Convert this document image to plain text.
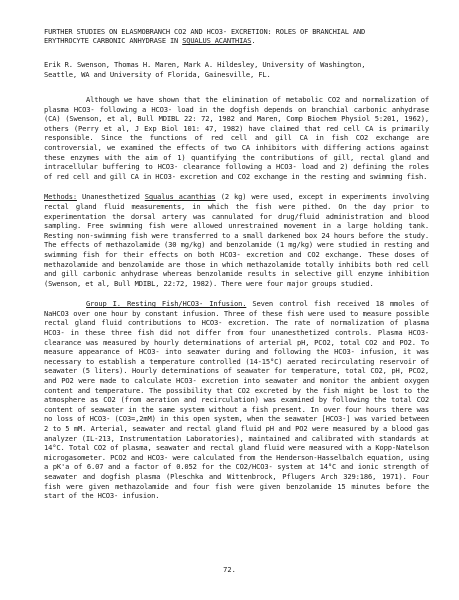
FURTHER STUDIES ON ELASMOBRANCH CO2 AND HCO3- EXCRETION: ROLES OF BRANCHIAL AND
ERYTHROCYTE CARBONIC ANHYDRASE IN SQUALUS ACANTHIAS.
Erik R. Swenson, Thomas H. Maren, Mark A. Hildesley, University of Washington,
Seattle, WA and University of Florida, Gainesville, FL.

Although we have shown that the elimination of metabolic CO2 and normalization of plasma HCO3- following a HCO3- load in the dogfish depends on branchial carbonic anhydrase (CA) (Swenson, et al, Bull MDIBL 22: 72, 1982 and Maren, Comp Biochem Physiol 5:201, 1962), others (Perry et al, J Exp Biol 101: 47, 1982) have claimed that red cell CA is primarily responsible. Since the functions of red cell and gill CA in fish CO2 exchange are controversial, we examined the effects of two CA inhibitors with differing actions against these enzymes with the aim of 1) quantifying the contributions of gill, rectal gland and intracellular buffering to HCO3- clearance following a HCO3- load and 2) defining the roles of red cell and gill CA in HCO3- excretion and CO2 exchange in the resting and swimming fish.

Methods: Unanesthetized Squalus acanthias (2 kg) were used, except in experiments involving rectal gland fluid measurements, in which the fish were pithed. On the day prior to experimentation the dorsal artery was cannulated for drug/fluid administration and blood sampling. Free swimming fish were allowed unrestrained movement in a large holding tank. Resting non-swimming fish were transferred to a small darkened box 24 hours before the study. The effects of methazolamide (30 mg/kg) and benzolamide (1 mg/kg) were studied in resting and swimming fish for their effects on both HCO3- excretion and CO2 exchange. These doses of methazolamide and benzolamide are those in which methazolamide totally inhibits both red cell and gill carbonic anhydrase whereas benzolamide results in selective gill enzyme inhibition (Swenson, et al, Bull MDIBL, 22:72, 1982). There were four major groups studied.

Group I. Resting Fish/HCO3- Infusion. Seven control fish received 18 mmoles of NaHCO3 over one hour by constant infusion. Three of these fish were used to measure possible rectal gland fluid contributions to HCO3- excretion. The rate of normalization of plasma HCO3- in these three fish did not differ from four unanesthetized controls. Plasma HCO3- clearance was measured by hourly determinations of arterial pH, PCO2, total CO2 and PO2. To measure appearance of HCO3- into seawater during and following the HCO3- infusion, it was necessary to establish a temperature controlled (14-15°C) aerated recirculating reservoir of seawater (5 liters). Hourly determinations of seawater for temperature, total CO2, pH, PCO2, and PO2 were made to calculate HCO3- excretion into seawater and monitor the ambient oxygen content and temperature. The possibility that CO2 excreted by the fish might be lost to the atmosphere as CO2 (from aeration and recirculation) was examined by following the total CO2 content of seawater in the same system without a fish present. In over four hours there was no loss of HCO3- (CO3=,2mM) in this open system, when the seawater [HCO3-] was varied between 2 to 5 mM. Arterial, seawater and rectal gland fluid pH and PO2 were measured by a blood gas analyzer (IL-213, Instrumentation Laboratories), maintained and calibrated with standards at 14°C. Total CO2 of plasma, seawater and rectal gland fluid were measured with a Kopp-Natelson microgasometer. PCO2 and HCO3- were calculated from the Henderson-Hasselbalch equation, using a pK'a of 6.07 and a factor of 0.052 for the CO2/HCO3- system at 14°C and ionic strength of seawater and dogfish plasma (Pleschka and Wittenbrock, Pflugers Arch 329:186, 1971). Four fish were given methazolamide and four fish were given benzolamide 15 minutes before the start of the HCO3- infusion.

72.
